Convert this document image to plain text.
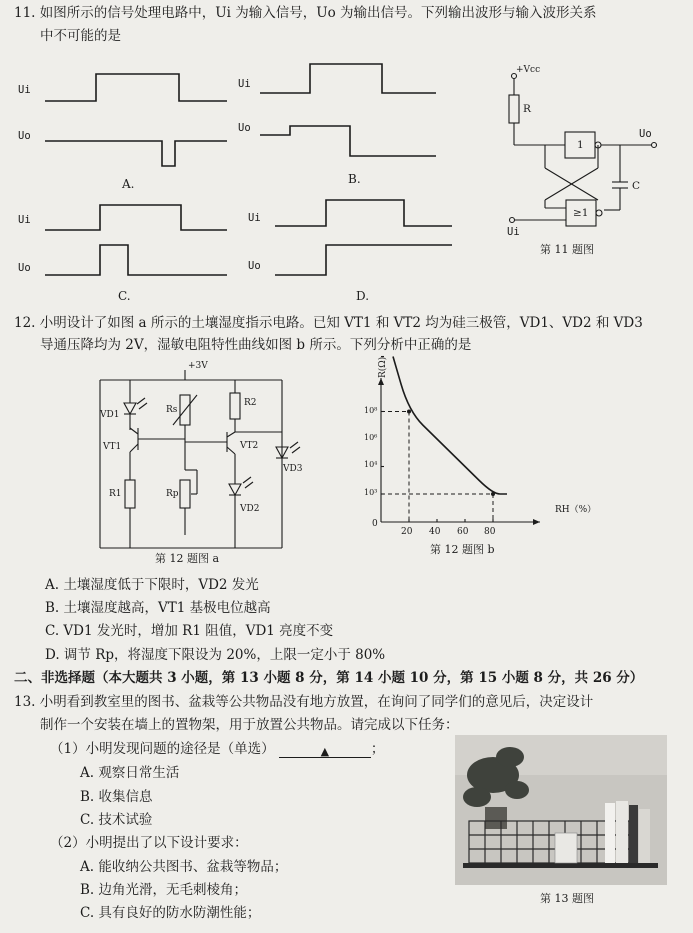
11. 如图所示的信号处理电路中，Ui 为输入信号，Uo 为输出信号。下列输出波形与输入波形关系
中不可能的是
Ui
Uo
Ui
Uo
Ui
Uo
Ui
Uo
A.	B.
C.	D.
+Vcc
R
1
Uo
C
≥1
Ui
第 11 题图
12. 小明设计了如图 a 所示的土壤湿度指示电路。已知 VT1 和 VT2 均为硅三极管，VD1、VD2 和 VD3
导通压降均为 2V，湿敏电阻特性曲线如图 b 所示。下列分析中正确的是
+3V
VD1	Rs
R2
VT1	VT2
VD3
R1	Rp
VD2
第 12 题图 a
R(Ω)
RH（%）
10⁸
10⁶
10⁴
10³
0
20 40 60 80
第 12 题图 b
A. 土壤湿度低于下限时，VD2 发光
B. 土壤湿度越高，VT1 基极电位越高
C. VD1 发光时，增加 R1 阻值，VD1 亮度不变
D. 调节 Rp，将湿度下限设为 20%，上限一定小于 80%
二、非选择题（本大题共 3 小题，第 13 小题 8 分，第 14 小题 10 分，第 15 小题 8 分，共 26 分）
13. 小明看到教室里的图书、盆栽等公共物品没有地方放置，在询问了同学们的意见后，决定设计
制作一个安装在墙上的置物架，用于放置公共物品。请完成以下任务：
（1）小明发现问题的途径是（单选）	▲	；
A. 观察日常生活
B. 收集信息
C. 技术试验
（2）小明提出了以下设计要求：
A. 能收纳公共图书、盆栽等物品；
B. 边角光滑，无毛刺棱角；
C. 具有良好的防水防潮性能；
第 13 题图
